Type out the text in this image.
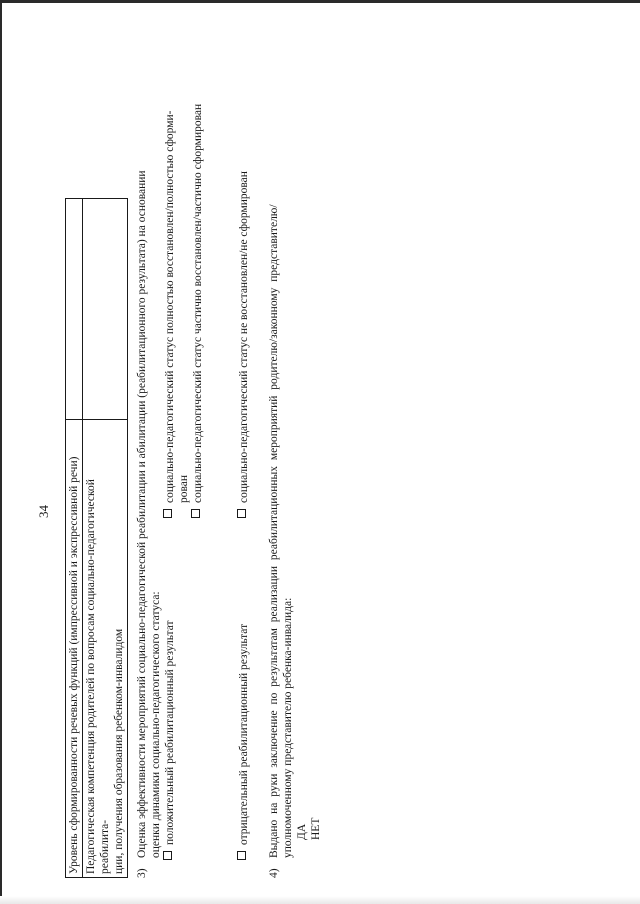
34 Уровень сформированности речевых функций (импрессивной и экспрессивной речи)	

Педагогическая компетенция родителей по вопросам социально-педагогической реабилита- ции, получения образования ребенком-инвалидом	
	3)Оценка эффективности мероприятий социально-педагогической реабилитации и абилитации (реабилитационного результата) на основании оценки динамики социально-педагогического статуса: положительный реабилитационный результат
социально-педагогический статус полностью восстановлен/полностью сформи- рован социально-педагогический статус частично восстановлен/частично сформирован
отрицательный реабилитационный результат
социально-педагогический статус не восстановлен/не сформирован
4)Выдано на руки заключение по результатам реализации реабилитационных мероприятий родителю/законному представителю/ уполномоченному представителю ребенка-инвалида: ДА НЕТ
